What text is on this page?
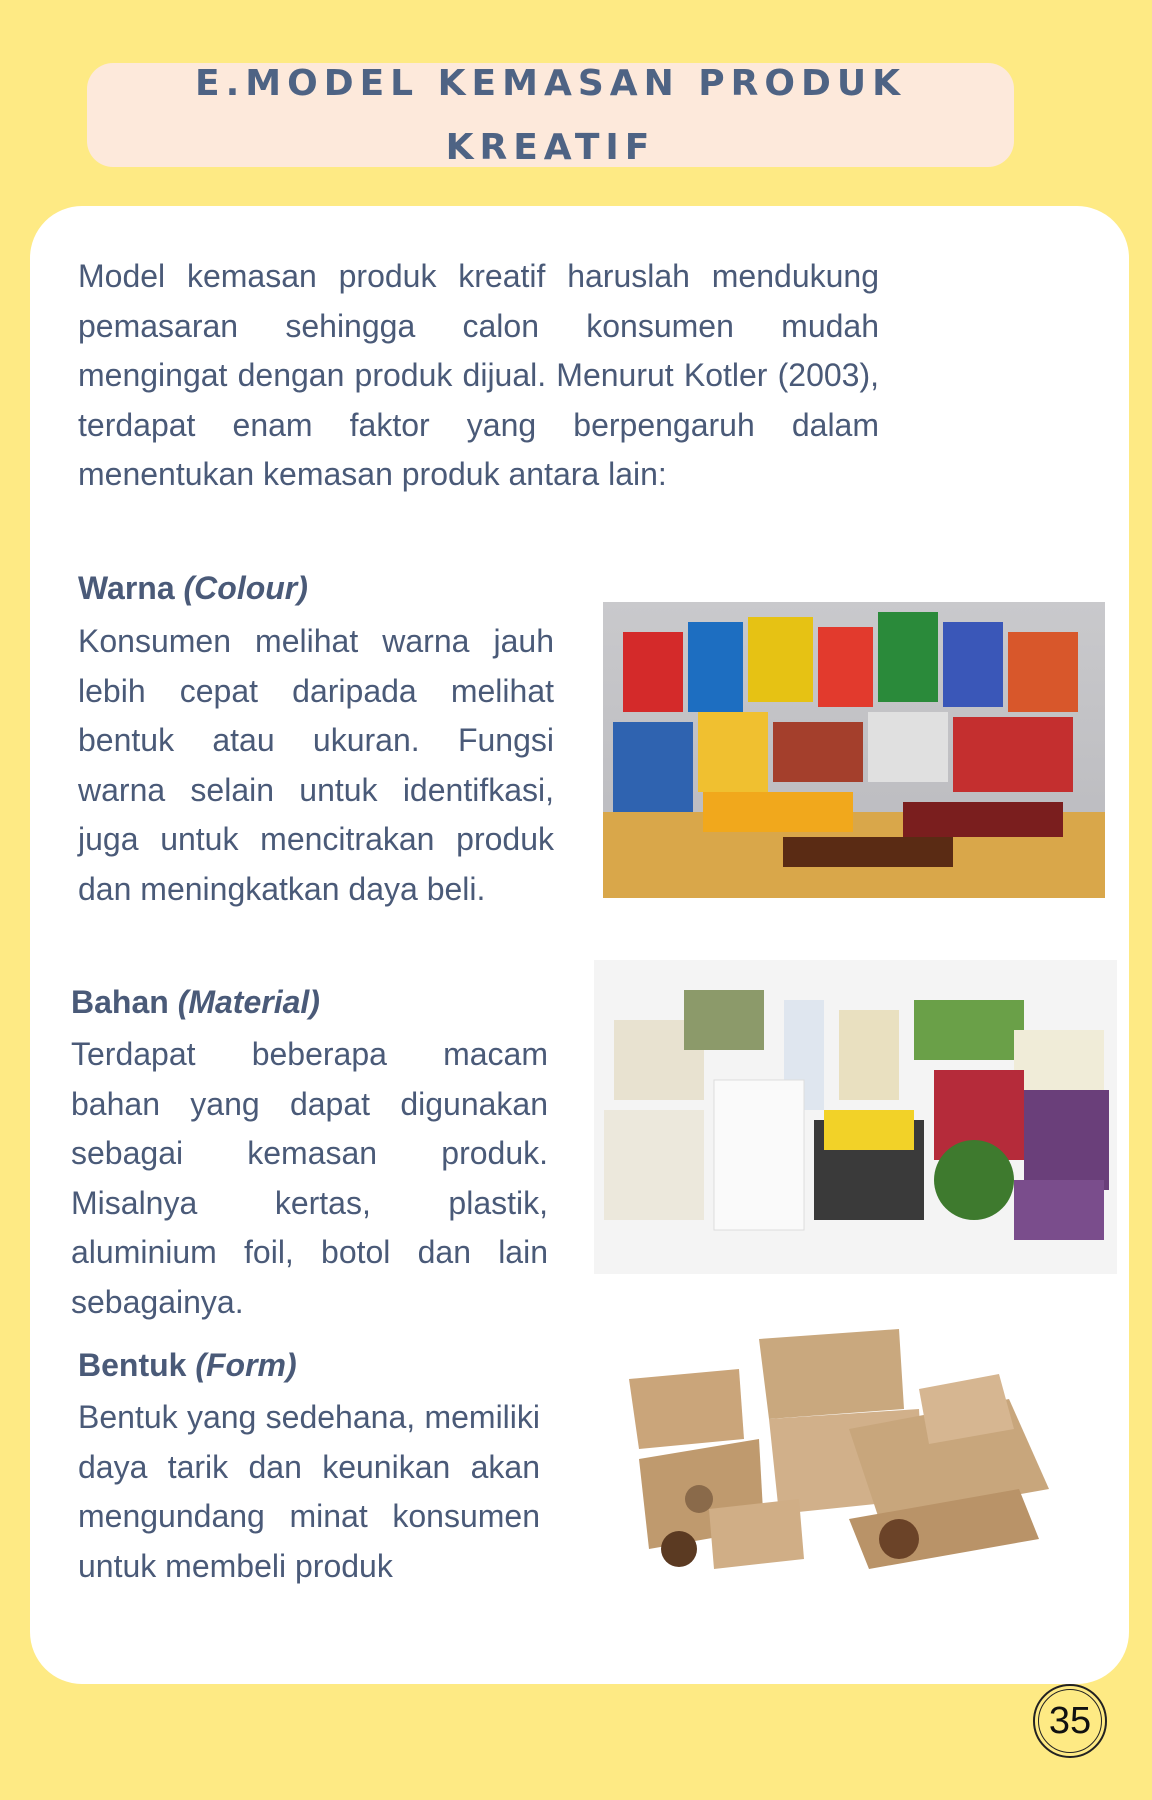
E.MODEL KEMASAN PRODUK
KREATIF
Model kemasan produk kreatif haruslah mendukung pemasaran sehingga calon konsumen mudah mengingat dengan produk dijual. Menurut Kotler (2003), terdapat enam faktor yang berpengaruh dalam menentukan kemasan produk antara lain:
Warna (Colour)
Konsumen melihat warna jauh lebih cepat daripada melihat bentuk atau ukuran. Fungsi warna selain untuk identifkasi, juga untuk mencitrakan produk dan meningkatkan daya beli.
Bahan (Material)
Terdapat beberapa macam bahan yang dapat digunakan sebagai kemasan produk. Misalnya kertas, plastik, aluminium foil, botol dan lain sebagainya.
Bentuk (Form)
Bentuk yang sedehana, memiliki daya tarik dan keunikan akan mengundang minat konsumen untuk membeli produk
35
